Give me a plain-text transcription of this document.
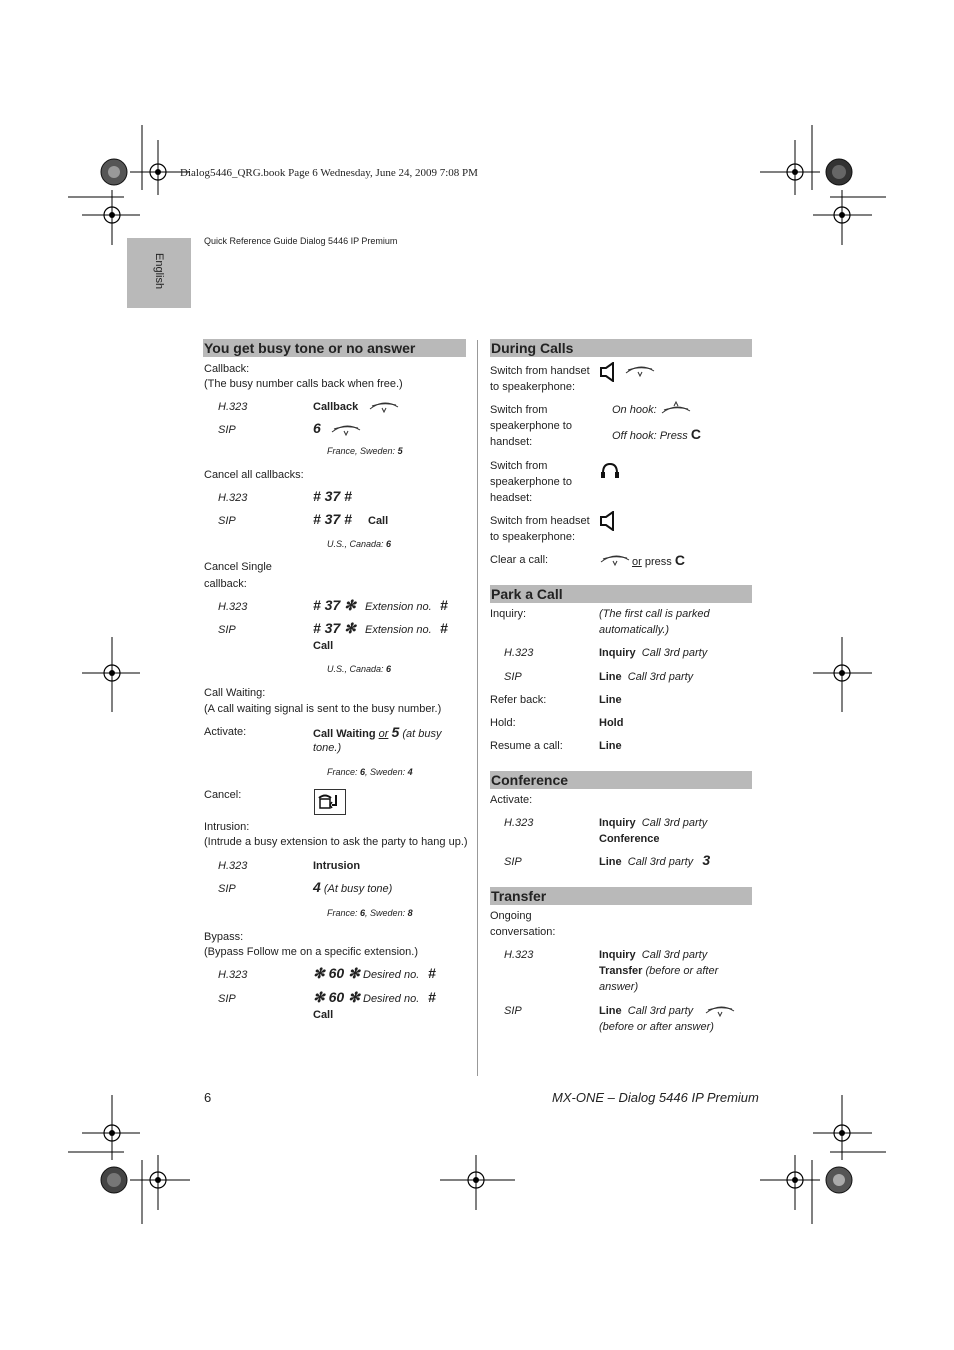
Dialog5446_QRG.book Page 6 Wednesday, June 24, 2009 7:08 PM
Quick Reference Guide Dialog 5446 IP Premium
English
You get busy tone or no answer
Callback:
(The busy number calls back when free.)
H.323	Callback
SIP	6
France, Sweden: 5
Cancel all callbacks:
H.323	# 37 #
SIP	# 37 # Call
U.S., Canada: 6
Cancel Single
callback:
H.323	# 37 ✻ Extension no. #
SIP	# 37 ✻ Extension no. #
Call
U.S., Canada: 6
Call Waiting:
(A call waiting signal is sent to the busy number.)
Activate:	Call Waiting or 5 (at busy
tone.)
France: 6, Sweden: 4
Cancel:
Intrusion:
(Intrude a busy extension to ask the party to hang up.)
H.323	Intrusion
SIP	4 (At busy tone)
France: 6, Sweden: 8
Bypass:
(Bypass Follow me on a specific extension.)
H.323	✻ 60 ✻ Desired no. #
SIP	✻ 60 ✻ Desired no. #
Call
During Calls
Switch from handset
to speakerphone:
Switch from
speakerphone to
handset:
On hook:
Off hook: Press C
Switch from
speakerphone to
headset:
Switch from headset
to speakerphone:
Clear a call:	or press C
Park a Call
Inquiry:	(The first call is parked
automatically.)
H.323	Inquiry Call 3rd party
SIP	Line Call 3rd party
Refer back:	Line
Hold:	Hold
Resume a call:	Line
Conference
Activate:
H.323	Inquiry Call 3rd party
Conference
SIP	Line Call 3rd party 3
Transfer
Ongoing
conversation:
H.323	Inquiry Call 3rd party
Transfer (before or after
answer)
SIP	Line Call 3rd party
(before or after answer)
6	MX-ONE – Dialog 5446 IP Premium
